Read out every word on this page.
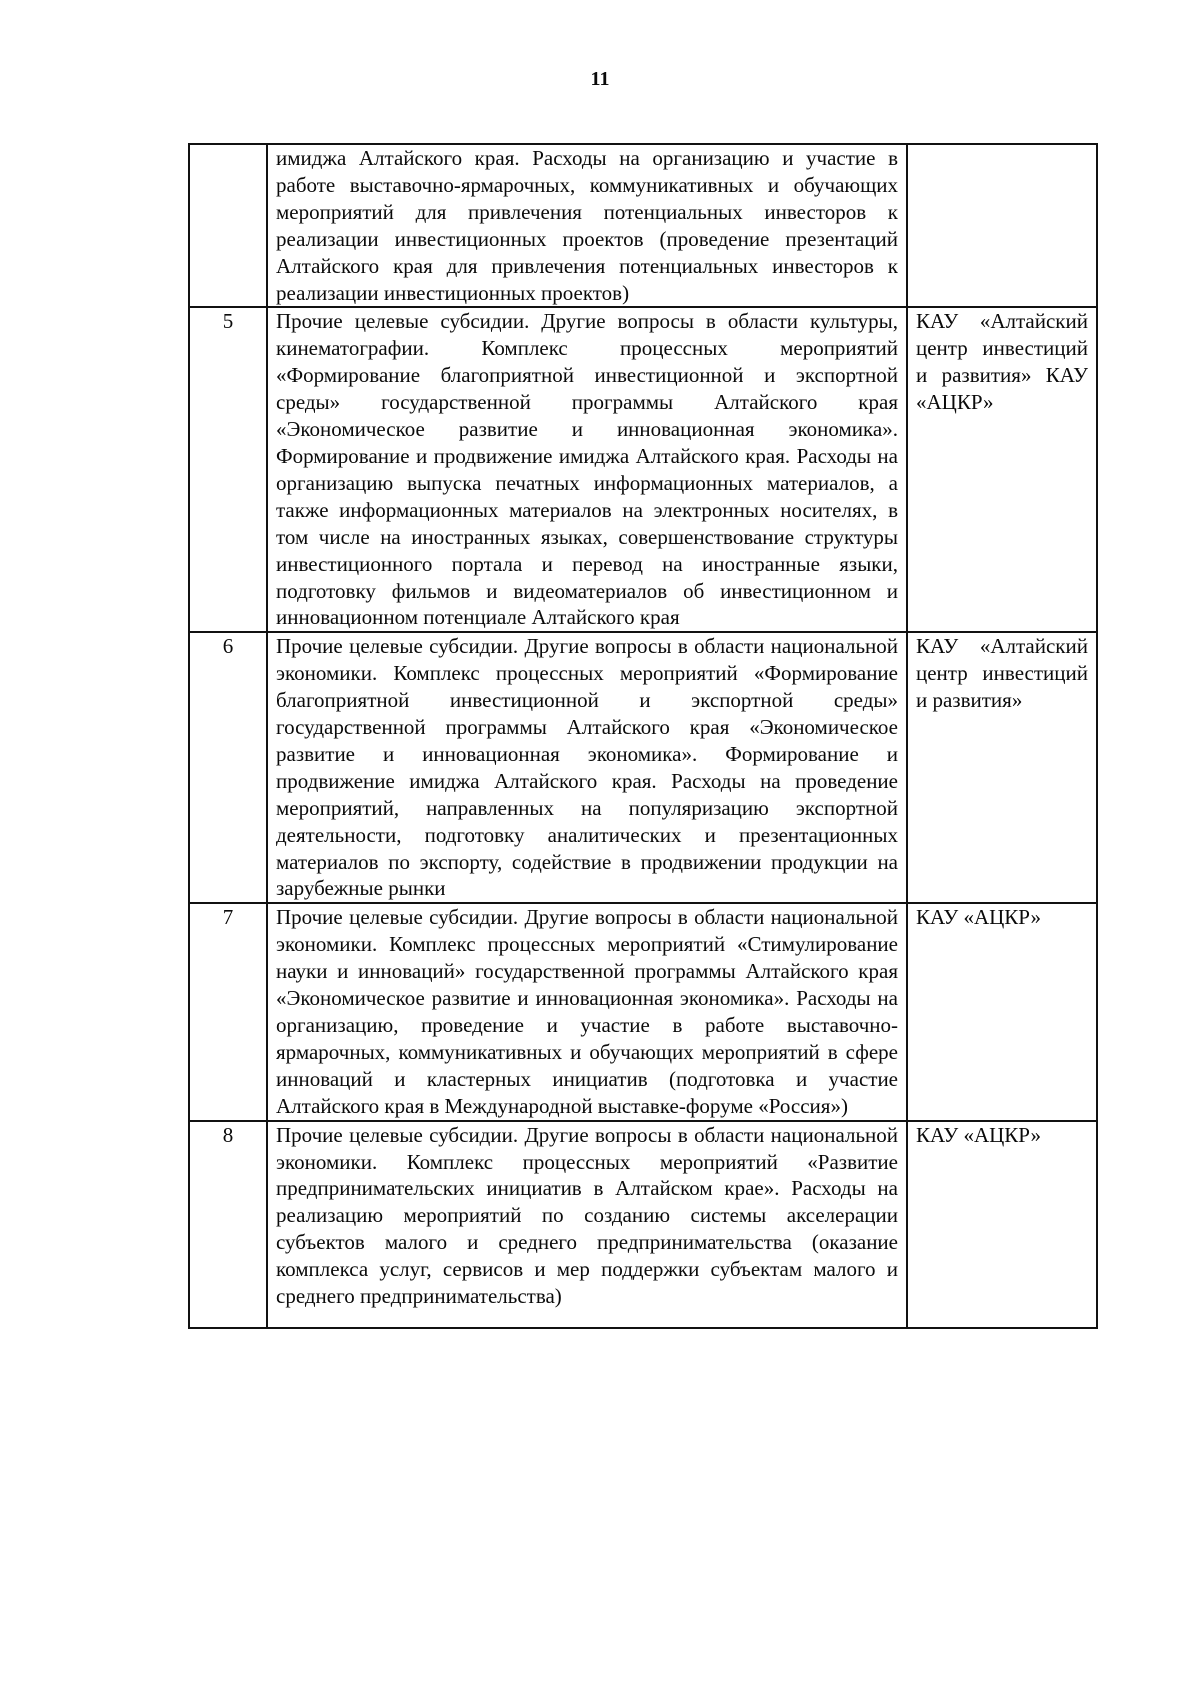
11
	имиджа Алтайского края. Расходы на организацию и участие в работе выставочно-ярмарочных, коммуникативных и обучающих мероприятий для привлечения потенциальных инвесторов к реализации инвестиционных проектов (проведение презентаций Алтайского края для привлечения потенциальных инвесторов к реализации инвестиционных проектов)	
5	Прочие целевые субсидии. Другие вопросы в области культуры, кинематографии. Комплекс процессных мероприятий «Формирование благоприятной инвестиционной и экспортной среды» государственной программы Алтайского края «Экономическое развитие и инновационная экономика». Формирование и продвижение имиджа Алтайского края. Расходы на организацию выпуска печатных информационных материалов, а также информационных материалов на электронных носителях, в том числе на иностранных языках, совершенствование структуры инвестиционного портала и перевод на иностранные языки, подготовку фильмов и видеоматериалов об инвестиционном и инновационном потенциале Алтайского края	КАУ «Алтайский центр инвестиций и развития» КАУ «АЦКР»
6	Прочие целевые субсидии. Другие вопросы в области национальной экономики. Комплекс процессных мероприятий «Формирование благоприятной инвестиционной и экспортной среды» государственной программы Алтайского края «Экономическое развитие и инновационная экономика». Формирование и продвижение имиджа Алтайского края. Расходы на проведение мероприятий, направленных на популяризацию экспортной деятельности, подготовку аналитических и презентационных материалов по экспорту, содействие в продвижении продукции на зарубежные рынки	КАУ «Алтайский центр инвестиций и развития»
7	Прочие целевые субсидии. Другие вопросы в области национальной экономики. Комплекс процессных мероприятий «Стимулирование науки и инноваций» государственной программы Алтайского края «Экономическое развитие и инновационная экономика». Расходы на организацию, проведение и участие в работе выставочно-ярмарочных, коммуникативных и обучающих мероприятий в сфере инноваций и кластерных инициатив (подготовка и участие Алтайского края в Международной выставке-форуме «Россия»)	КАУ «АЦКР»
8	Прочие целевые субсидии. Другие вопросы в области национальной экономики. Комплекс процессных мероприятий «Развитие предпринимательских инициатив в Алтайском крае». Расходы на реализацию мероприятий по созданию системы акселерации субъектов малого и среднего предпринимательства (оказание комплекса услуг, сервисов и мер поддержки субъектам малого и среднего предпринимательства)	КАУ «АЦКР»
